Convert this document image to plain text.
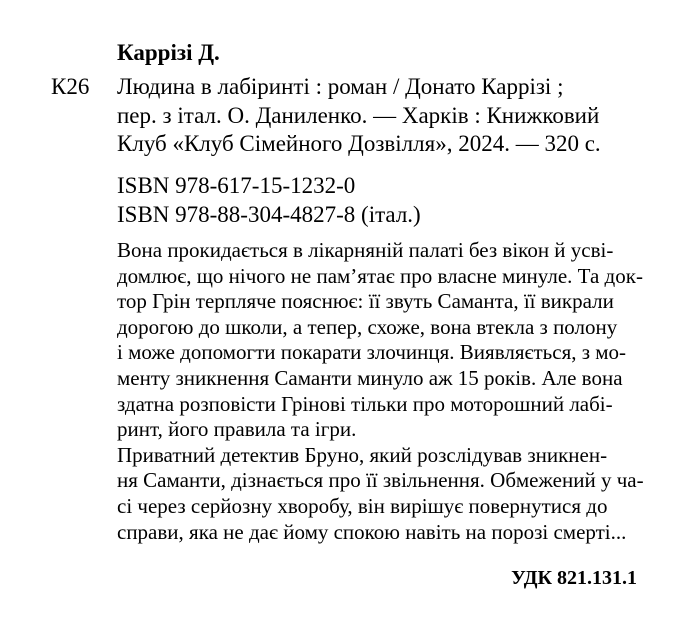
Каррізі Д.
К26 Людина в лабіринті : роман / Донато Каррізі ;
пер. з італ. О. Даниленко. — Харків : Книжковий
Клуб «Клуб Сімейного Дозвілля», 2024. — 320 с.
ISBN 978-617-15-1232-0
ISBN 978-88-304-4827-8 (італ.)
Вона прокидається в лікарняній палаті без вікон й усві-
домлює, що нічого не пам’ятає про власне минуле. Та док-
тор Грін терпляче пояснює: її звуть Саманта, її викрали
дорогою до школи, а тепер, схоже, вона втекла з полону
і може допомогти покарати злочинця. Виявляється, з мо-
менту зникнення Саманти минуло аж 15 років. Але вона
здатна розповісти Грінові тільки про моторошний лабі-
ринт, його правила та ігри.
Приватний детектив Бруно, який розслідував зникнен-
ня Саманти, дізнається про її звільнення. Обмежений у ча-
сі через серйозну хворобу, він вирішує повернутися до
справи, яка не дає йому спокою навіть на порозі смерті...
УДК 821.131.1
